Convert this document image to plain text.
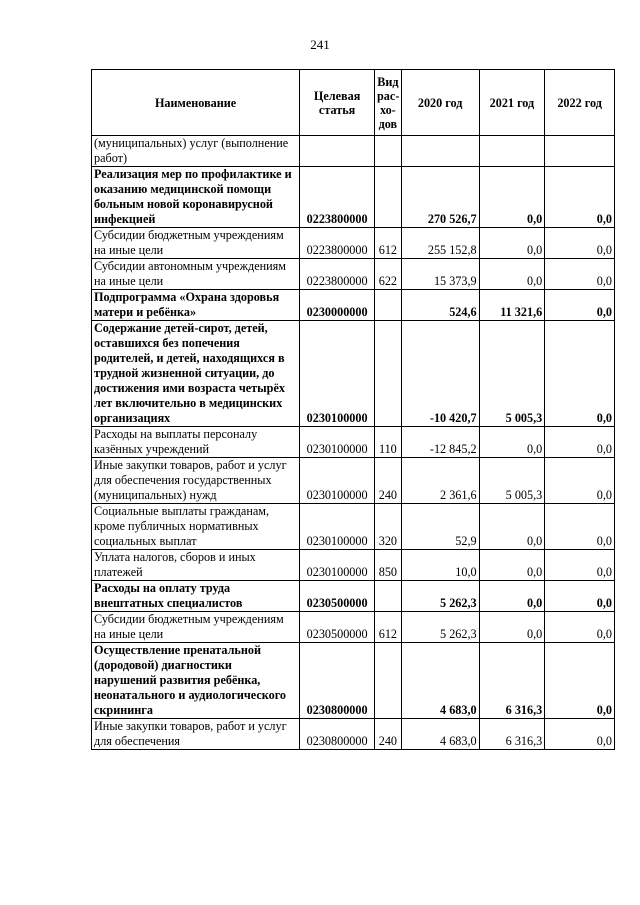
241
Наименование	Целевая статья	Вид рас-хо-дов	2020 год	2021 год	2022 год
(муниципальных) услуг (выполнение работ)					
Реализация мер по профилактике и оказанию медицинской помощи больным новой коронавирусной инфекцией	0223800000		270 526,7	0,0	0,0
Субсидии бюджетным учреждениям на иные цели	0223800000	612	255 152,8	0,0	0,0
Субсидии автономным учреждениям на иные цели	0223800000	622	15 373,9	0,0	0,0
Подпрограмма «Охрана здоровья матери и ребёнка»	0230000000		524,6	11 321,6	0,0
Содержание детей-сирот, детей, оставшихся без попечения родителей, и детей, находящихся в трудной жизненной ситуации, до достижения ими возраста четырёх лет включительно в медицинских организациях	0230100000		-10 420,7	5 005,3	0,0
Расходы на выплаты персоналу казённых учреждений	0230100000	110	-12 845,2	0,0	0,0
Иные закупки товаров, работ и услуг для обеспечения государственных (муниципальных) нужд	0230100000	240	2 361,6	5 005,3	0,0
Социальные выплаты гражданам, кроме публичных нормативных социальных выплат	0230100000	320	52,9	0,0	0,0
Уплата налогов, сборов и иных платежей	0230100000	850	10,0	0,0	0,0
Расходы на оплату труда внештатных специалистов	0230500000		5 262,3	0,0	0,0
Субсидии бюджетным учреждениям на иные цели	0230500000	612	5 262,3	0,0	0,0
Осуществление пренатальной (дородовой) диагностики нарушений развития ребёнка, неонатального и аудиологического скрининга	0230800000		4 683,0	6 316,3	0,0
Иные закупки товаров, работ и услуг для обеспечения	0230800000	240	4 683,0	6 316,3	0,0
